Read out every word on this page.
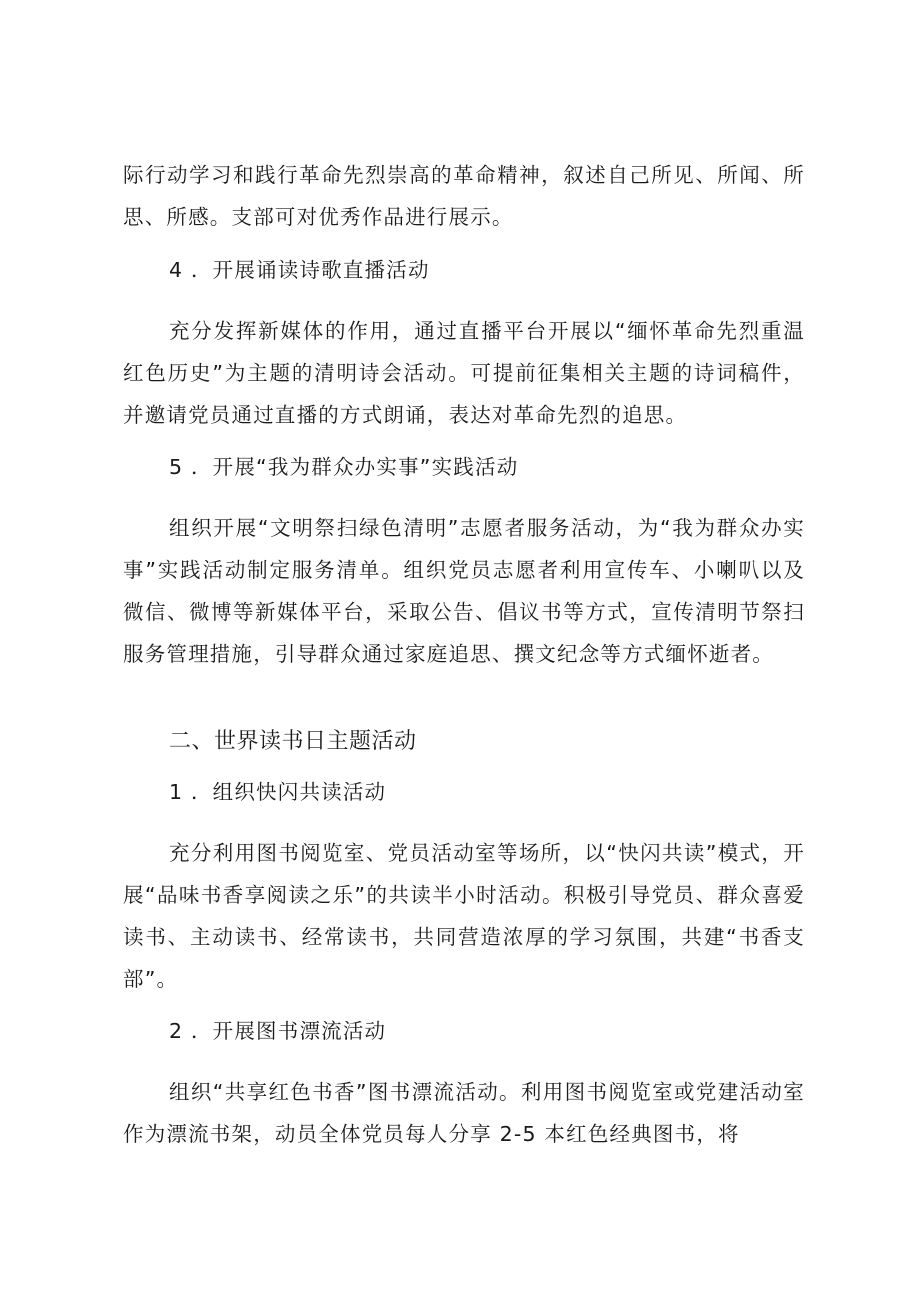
际行动学习和践行革命先烈崇高的革命精神，叙述自己所见、所闻、所思、所感。支部可对优秀作品进行展示。
4 ．开展诵读诗歌直播活动
充分发挥新媒体的作用，通过直播平台开展以“缅怀革命先烈重温红色历史”为主题的清明诗会活动。可提前征集相关主题的诗词稿件，并邀请党员通过直播的方式朗诵，表达对革命先烈的追思。
5 ．开展“我为群众办实事”实践活动
组织开展“文明祭扫绿色清明”志愿者服务活动，为“我为群众办实事”实践活动制定服务清单。组织党员志愿者利用宣传车、小喇叭以及微信、微博等新媒体平台，采取公告、倡议书等方式，宣传清明节祭扫服务管理措施，引导群众通过家庭追思、撰文纪念等方式缅怀逝者。
二、世界读书日主题活动
1 ．组织快闪共读活动
充分利用图书阅览室、党员活动室等场所，以“快闪共读”模式，开展“品味书香享阅读之乐”的共读半小时活动。积极引导党员、群众喜爱读书、主动读书、经常读书，共同营造浓厚的学习氛围，共建“书香支部”。
2 ．开展图书漂流活动
组织“共享红色书香”图书漂流活动。利用图书阅览室或党建活动室作为漂流书架，动员全体党员每人分享 2-5 本红色经典图书，将
